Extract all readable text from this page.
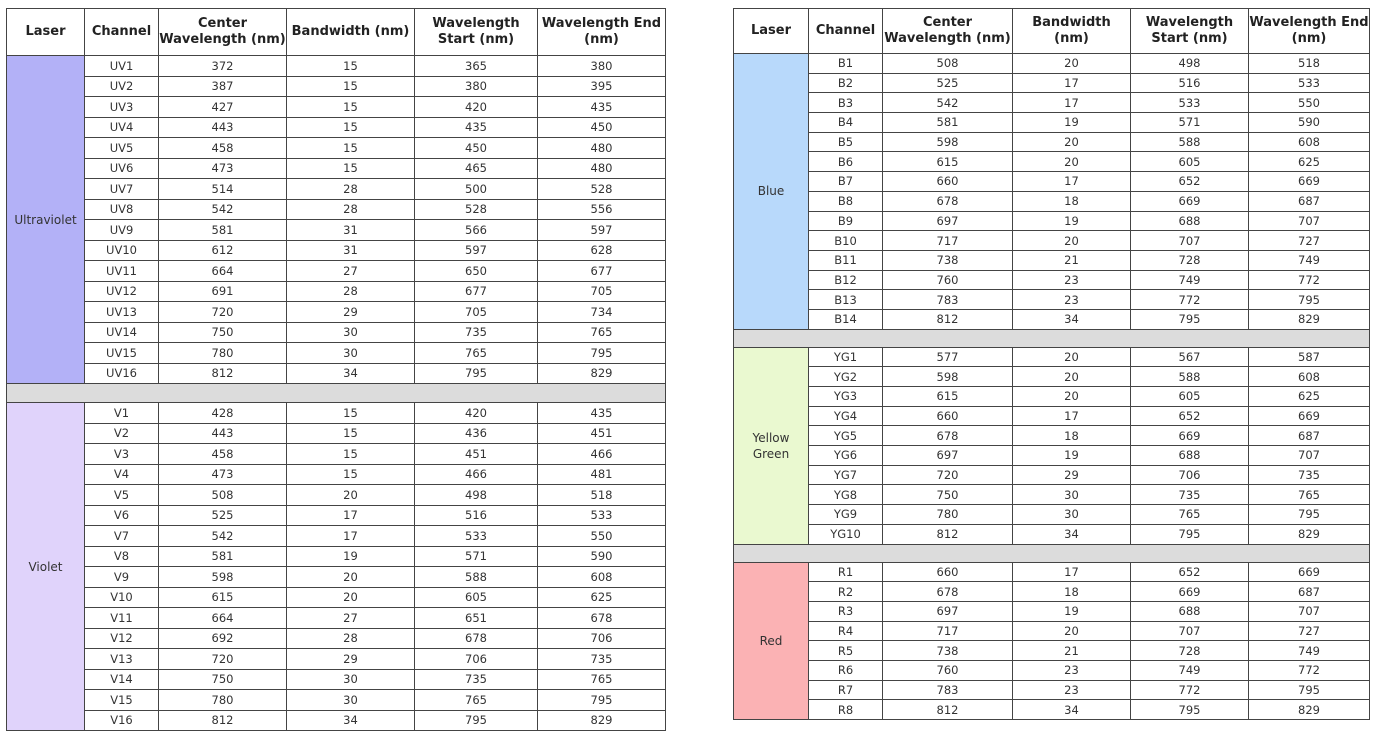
Laser	Channel	Center Wavelength (nm)	Bandwidth (nm)	Wavelength Start (nm)	Wavelength End (nm)
Ultraviolet	UV1	372	15	365	380
	UV2	387	15	380	395
	UV3	427	15	420	435
	UV4	443	15	435	450
	UV5	458	15	450	480
	UV6	473	15	465	480
	UV7	514	28	500	528
	UV8	542	28	528	556
	UV9	581	31	566	597
	UV10	612	31	597	628
	UV11	664	27	650	677
	UV12	691	28	677	705
	UV13	720	29	705	734
	UV14	750	30	735	765
	UV15	780	30	765	795
	UV16	812	34	795	829

Violet	V1	428	15	420	435
	V2	443	15	436	451
	V3	458	15	451	466
	V4	473	15	466	481
	V5	508	20	498	518
	V6	525	17	516	533
	V7	542	17	533	550
	V8	581	19	571	590
	V9	598	20	588	608
	V10	615	20	605	625
	V11	664	27	651	678
	V12	692	28	678	706
	V13	720	29	706	735
	V14	750	30	735	765
	V15	780	30	765	795
	V16	812	34	795	829
Laser	Channel	Center Wavelength (nm)	Bandwidth (nm)	Wavelength Start (nm)	Wavelength End (nm)
Blue	B1	508	20	498	518
	B2	525	17	516	533
	B3	542	17	533	550
	B4	581	19	571	590
	B5	598	20	588	608
	B6	615	20	605	625
	B7	660	17	652	669
	B8	678	18	669	687
	B9	697	19	688	707
	B10	717	20	707	727
	B11	738	21	728	749
	B12	760	23	749	772
	B13	783	23	772	795
	B14	812	34	795	829

Yellow Green	YG1	577	20	567	587
	YG2	598	20	588	608
	YG3	615	20	605	625
	YG4	660	17	652	669
	YG5	678	18	669	687
	YG6	697	19	688	707
	YG7	720	29	706	735
	YG8	750	30	735	765
	YG9	780	30	765	795
	YG10	812	34	795	829

Red	R1	660	17	652	669
	R2	678	18	669	687
	R3	697	19	688	707
	R4	717	20	707	727
	R5	738	21	728	749
	R6	760	23	749	772
	R7	783	23	772	795
	R8	812	34	795	829
